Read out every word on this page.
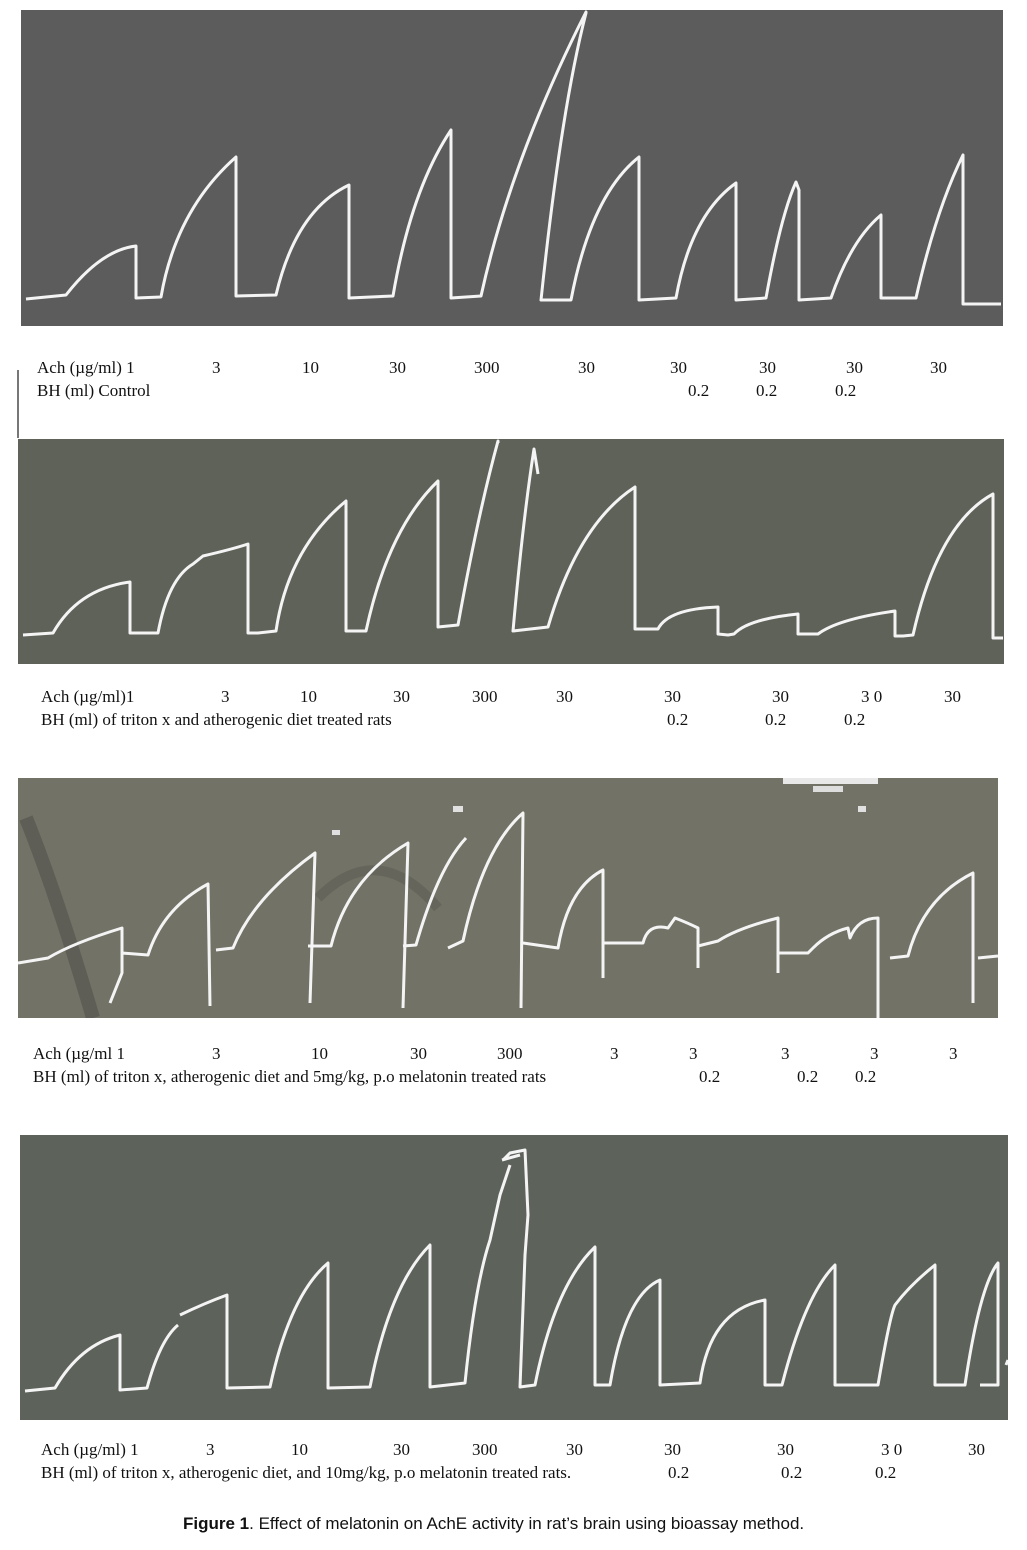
Ach (µg/ml) 1	3	10	30	300	30	30	30	30	30
BH (ml) Control	0.2	0.2	0.2
Ach (µg/ml)1	3	10	30	300	30	30	30	3 0	30
BH (ml) of triton x and atherogenic diet treated rats	0.2	0.2	0.2
Ach (µg/ml 1	3	10	30	300	3	3	3	3	3
BH (ml) of triton x, atherogenic diet and 5mg/kg, p.o melatonin treated rats	0.2	0.2 0.2
Ach (µg/ml) 1	3	10	30	300	30	30	30	3 0	30
BH (ml) of triton x, atherogenic diet, and 10mg/kg, p.o melatonin treated rats.	0.2	0.2	0.2
Figure 1. Effect of melatonin on AchE activity in rat’s brain using bioassay method.
